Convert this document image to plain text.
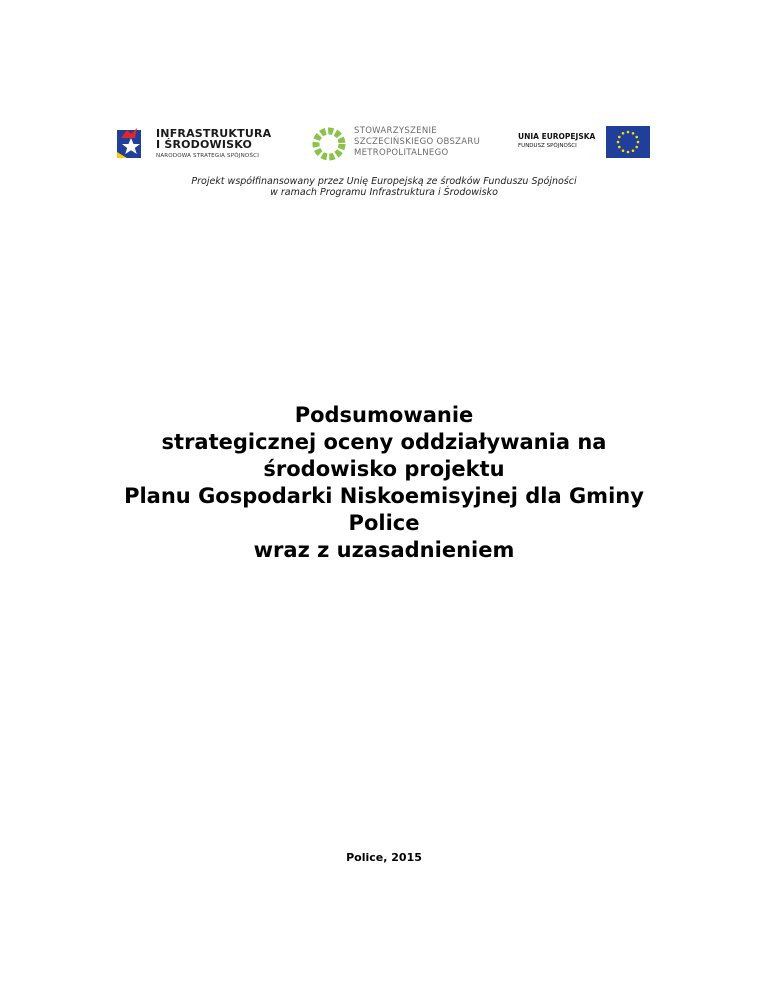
INFRASTRUKTURA
I ŚRODOWISKO
NARODOWA STRATEGIA SPÓJNOŚCI
STOWARZYSZENIE
SZCZECIŃSKIEGO OBSZARU
METROPOLITALNEGO
UNIA EUROPEJSKA
FUNDUSZ SPÓJNOŚCI
Projekt współfinansowany przez Unię Europejską ze środków Funduszu Spójności
w ramach Programu Infrastruktura i Środowisko
Podsumowanie
strategicznej oceny oddziaływania na
środowisko projektu
Planu Gospodarki Niskoemisyjnej dla Gminy
Police
wraz z uzasadnieniem
Police, 2015
